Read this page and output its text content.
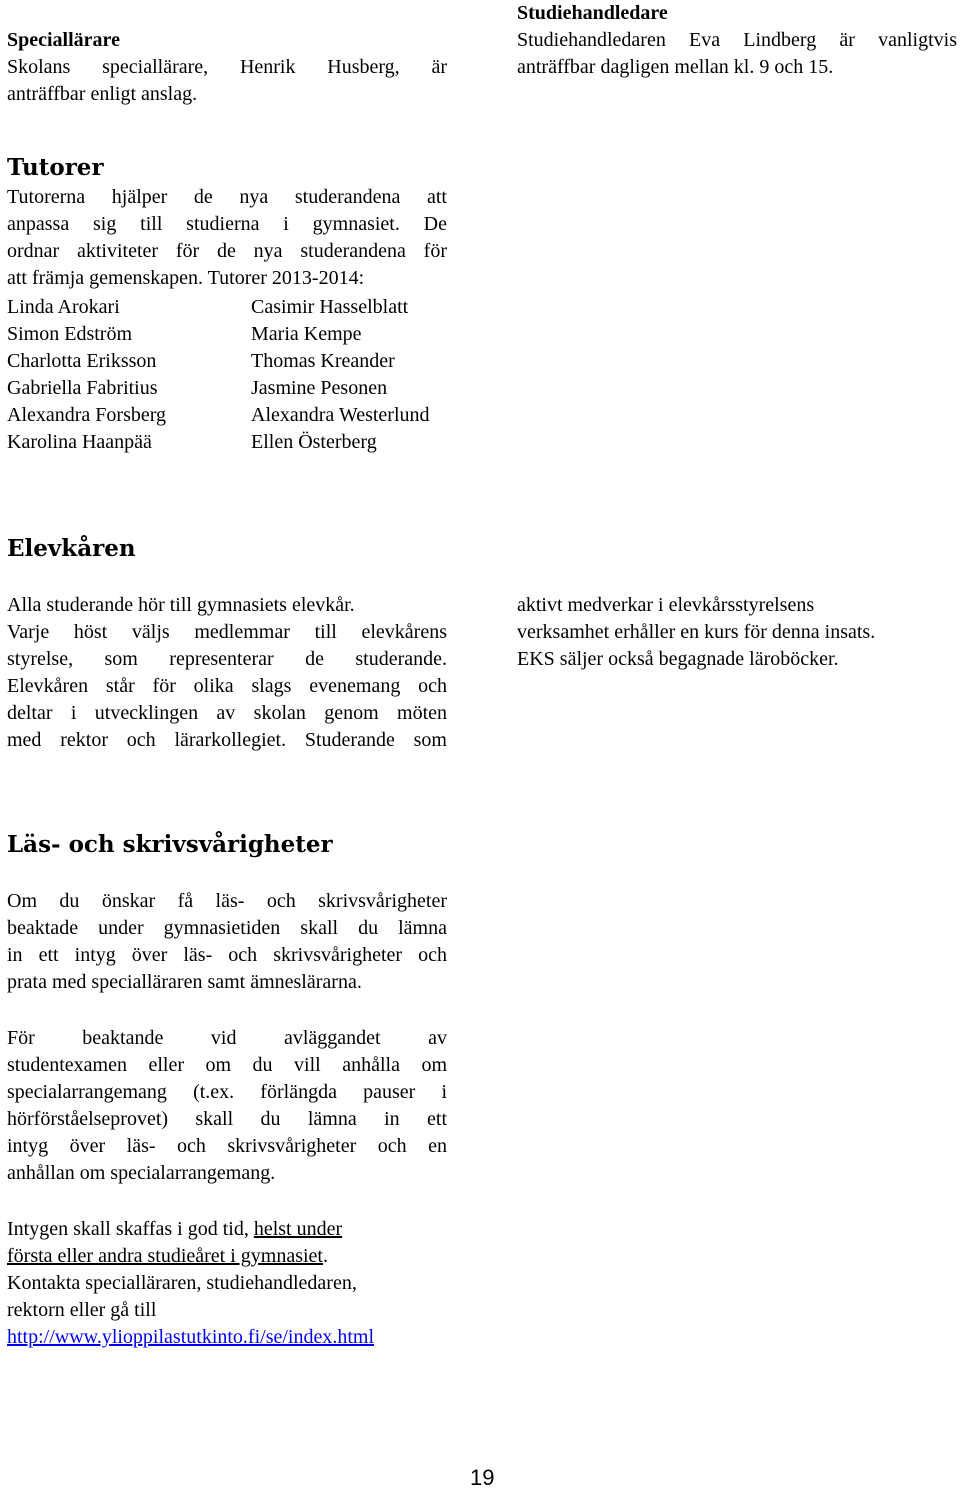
Speciallärare
Skolans speciallärare, Henrik Husberg, är
anträffbar enligt anslag.
Studiehandledare
Studiehandledaren Eva Lindberg är vanligtvis
anträffbar dagligen mellan kl. 9 och 15.
Tutorer
Tutorerna hjälper de nya studerandena att
anpassa sig till studierna i gymnasiet. De
ordnar aktiviteter för de nya studerandena för
att främja gemenskapen. Tutorer 2013-2014:
Linda Arokari	Casimir Hasselblatt
Simon Edström	Maria Kempe
Charlotta Eriksson	Thomas Kreander
Gabriella Fabritius	Jasmine Pesonen
Alexandra Forsberg	Alexandra Westerlund
Karolina Haanpää	Ellen Österberg
Elevkåren
Alla studerande hör till gymnasiets elevkår.
Varje höst väljs medlemmar till elevkårens
styrelse, som representerar de studerande.
Elevkåren står för olika slags evenemang och
deltar i utvecklingen av skolan genom möten
med rektor och lärarkollegiet. Studerande som
aktivt medverkar i elevkårsstyrelsens
verksamhet erhåller en kurs för denna insats.
EKS säljer också begagnade läroböcker.
Läs- och skrivsvårigheter
Om du önskar få läs- och skrivsvårigheter
beaktade under gymnasietiden skall du lämna
in ett intyg över läs- och skrivsvårigheter och
prata med specialläraren samt ämneslärarna.
För beaktande vid avläggandet av
studentexamen eller om du vill anhålla om
specialarrangemang (t.ex. förlängda pauser i
hörförståelseprovet) skall du lämna in ett
intyg över läs- och skrivsvårigheter och en
anhållan om specialarrangemang.
Intygen skall skaffas i god tid, helst under
första eller andra studieåret i gymnasiet.
Kontakta specialläraren, studiehandledaren,
rektorn eller gå till
http://www.ylioppilastutkinto.fi/se/index.html
19
